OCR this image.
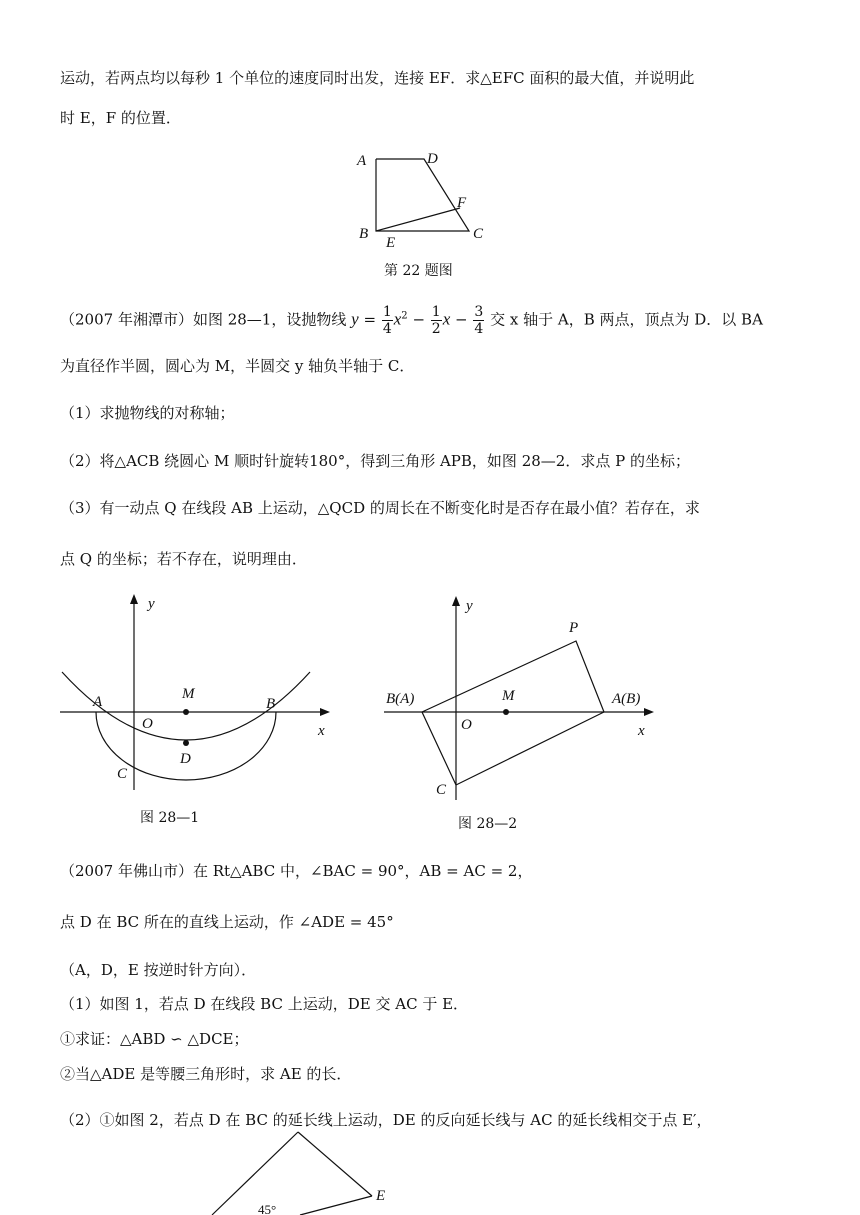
运动，若两点均以每秒 1 个单位的速度同时出发，连接 EF．求△EFC 面积的最大值，并说明此
时 E，F 的位置．
A	D
F
B
E
C
第 22 题图
（2007 年湘潭市）如图 28—1，设抛物线 $y = \frac{1}{4} x^2 - \frac{1}{2}$ $x - \frac{3}{4}$ 交 x 轴于 A，B 两点，顶点为 D．以 BA
为直径作半圆，圆心为 M，半圆交 y 轴负半轴于 C．
（1）求抛物线的对称轴；
（2）将△ACB 绕圆心 M 顺时针旋转180°，得到三角形 APB，如图 28—2．求点 P 的坐标；
（3）有一动点 Q 在线段 AB 上运动，△QCD 的周长在不断变化时是否存在最小值？若存在，求
点 Q 的坐标；若不存在，说明理由．
y
x
A	B
M
O
D
C
图 28—1
y
x
P
B(A)	A(B)
M
O
C
图 28—2
（2007 年佛山市）在 Rt△ABC 中，∠BAC = 90°，AB = AC = 2，
点 D 在 BC 所在的直线上运动，作 ∠ADE = 45°
（A，D，E 按逆时针方向）．
（1）如图 1，若点 D 在线段 BC 上运动，DE 交 AC 于 E．
①求证：△ABD ∽ △DCE；
②当△ADE 是等腰三角形时，求 AE 的长．
（2）①如图 2，若点 D 在 BC 的延长线上运动，DE 的反向延长线与 AC 的延长线相交于点 E′，
E
45°
